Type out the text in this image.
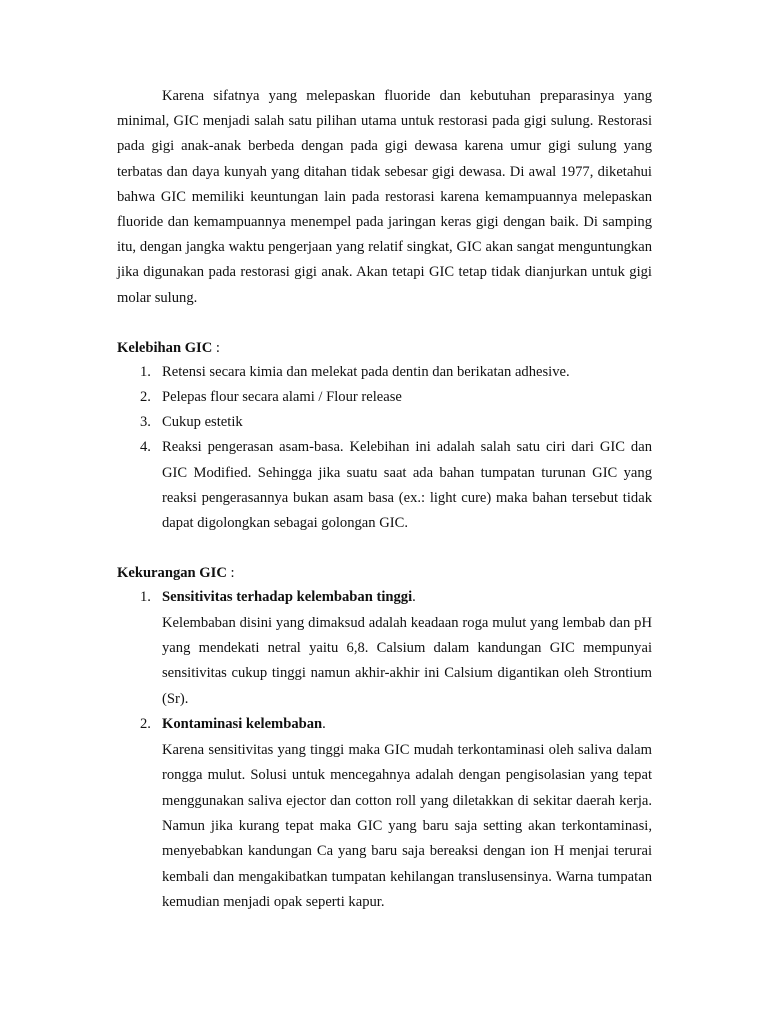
Karena sifatnya yang melepaskan fluoride dan kebutuhan preparasinya yang minimal, GIC menjadi salah satu pilihan utama untuk restorasi pada gigi sulung. Restorasi pada gigi anak-anak berbeda dengan pada gigi dewasa karena umur gigi sulung yang terbatas dan daya kunyah yang ditahan tidak sebesar gigi dewasa. Di awal 1977, diketahui bahwa GIC memiliki keuntungan lain pada restorasi karena kemampuannya melepaskan fluoride dan kemampuannya menempel pada jaringan keras gigi dengan baik. Di samping itu, dengan jangka waktu pengerjaan yang relatif singkat, GIC akan sangat menguntungkan jika digunakan pada restorasi gigi anak. Akan tetapi GIC tetap tidak dianjurkan untuk gigi molar sulung.

Kelebihan GIC :

1. Retensi secara kimia dan melekat pada dentin dan berikatan adhesive.
2. Pelepas flour secara alami / Flour release
3. Cukup estetik
4. Reaksi pengerasan asam-basa. Kelebihan ini adalah salah satu ciri dari GIC dan GIC Modified. Sehingga jika suatu saat ada bahan tumpatan turunan GIC yang reaksi pengerasannya bukan asam basa (ex.: light cure) maka bahan tersebut tidak dapat digolongkan sebagai golongan GIC.

Kekurangan GIC :

1. Sensitivitas terhadap kelembaban tinggi.
Kelembaban disini yang dimaksud adalah keadaan roga mulut yang lembab dan pH yang mendekati netral yaitu 6,8. Calsium dalam kandungan GIC mempunyai sensitivitas cukup tinggi namun akhir-akhir ini Calsium digantikan oleh Strontium (Sr).
2. Kontaminasi kelembaban.
Karena sensitivitas yang tinggi maka GIC mudah terkontaminasi oleh saliva dalam rongga mulut. Solusi untuk mencegahnya adalah dengan pengisolasian yang tepat menggunakan saliva ejector dan cotton roll yang diletakkan di sekitar daerah kerja. Namun jika kurang tepat maka GIC yang baru saja setting akan terkontaminasi, menyebabkan kandungan Ca yang baru saja bereaksi dengan ion H menjai terurai kembali dan mengakibatkan tumpatan kehilangan translusensinya. Warna tumpatan kemudian menjadi opak seperti kapur.
